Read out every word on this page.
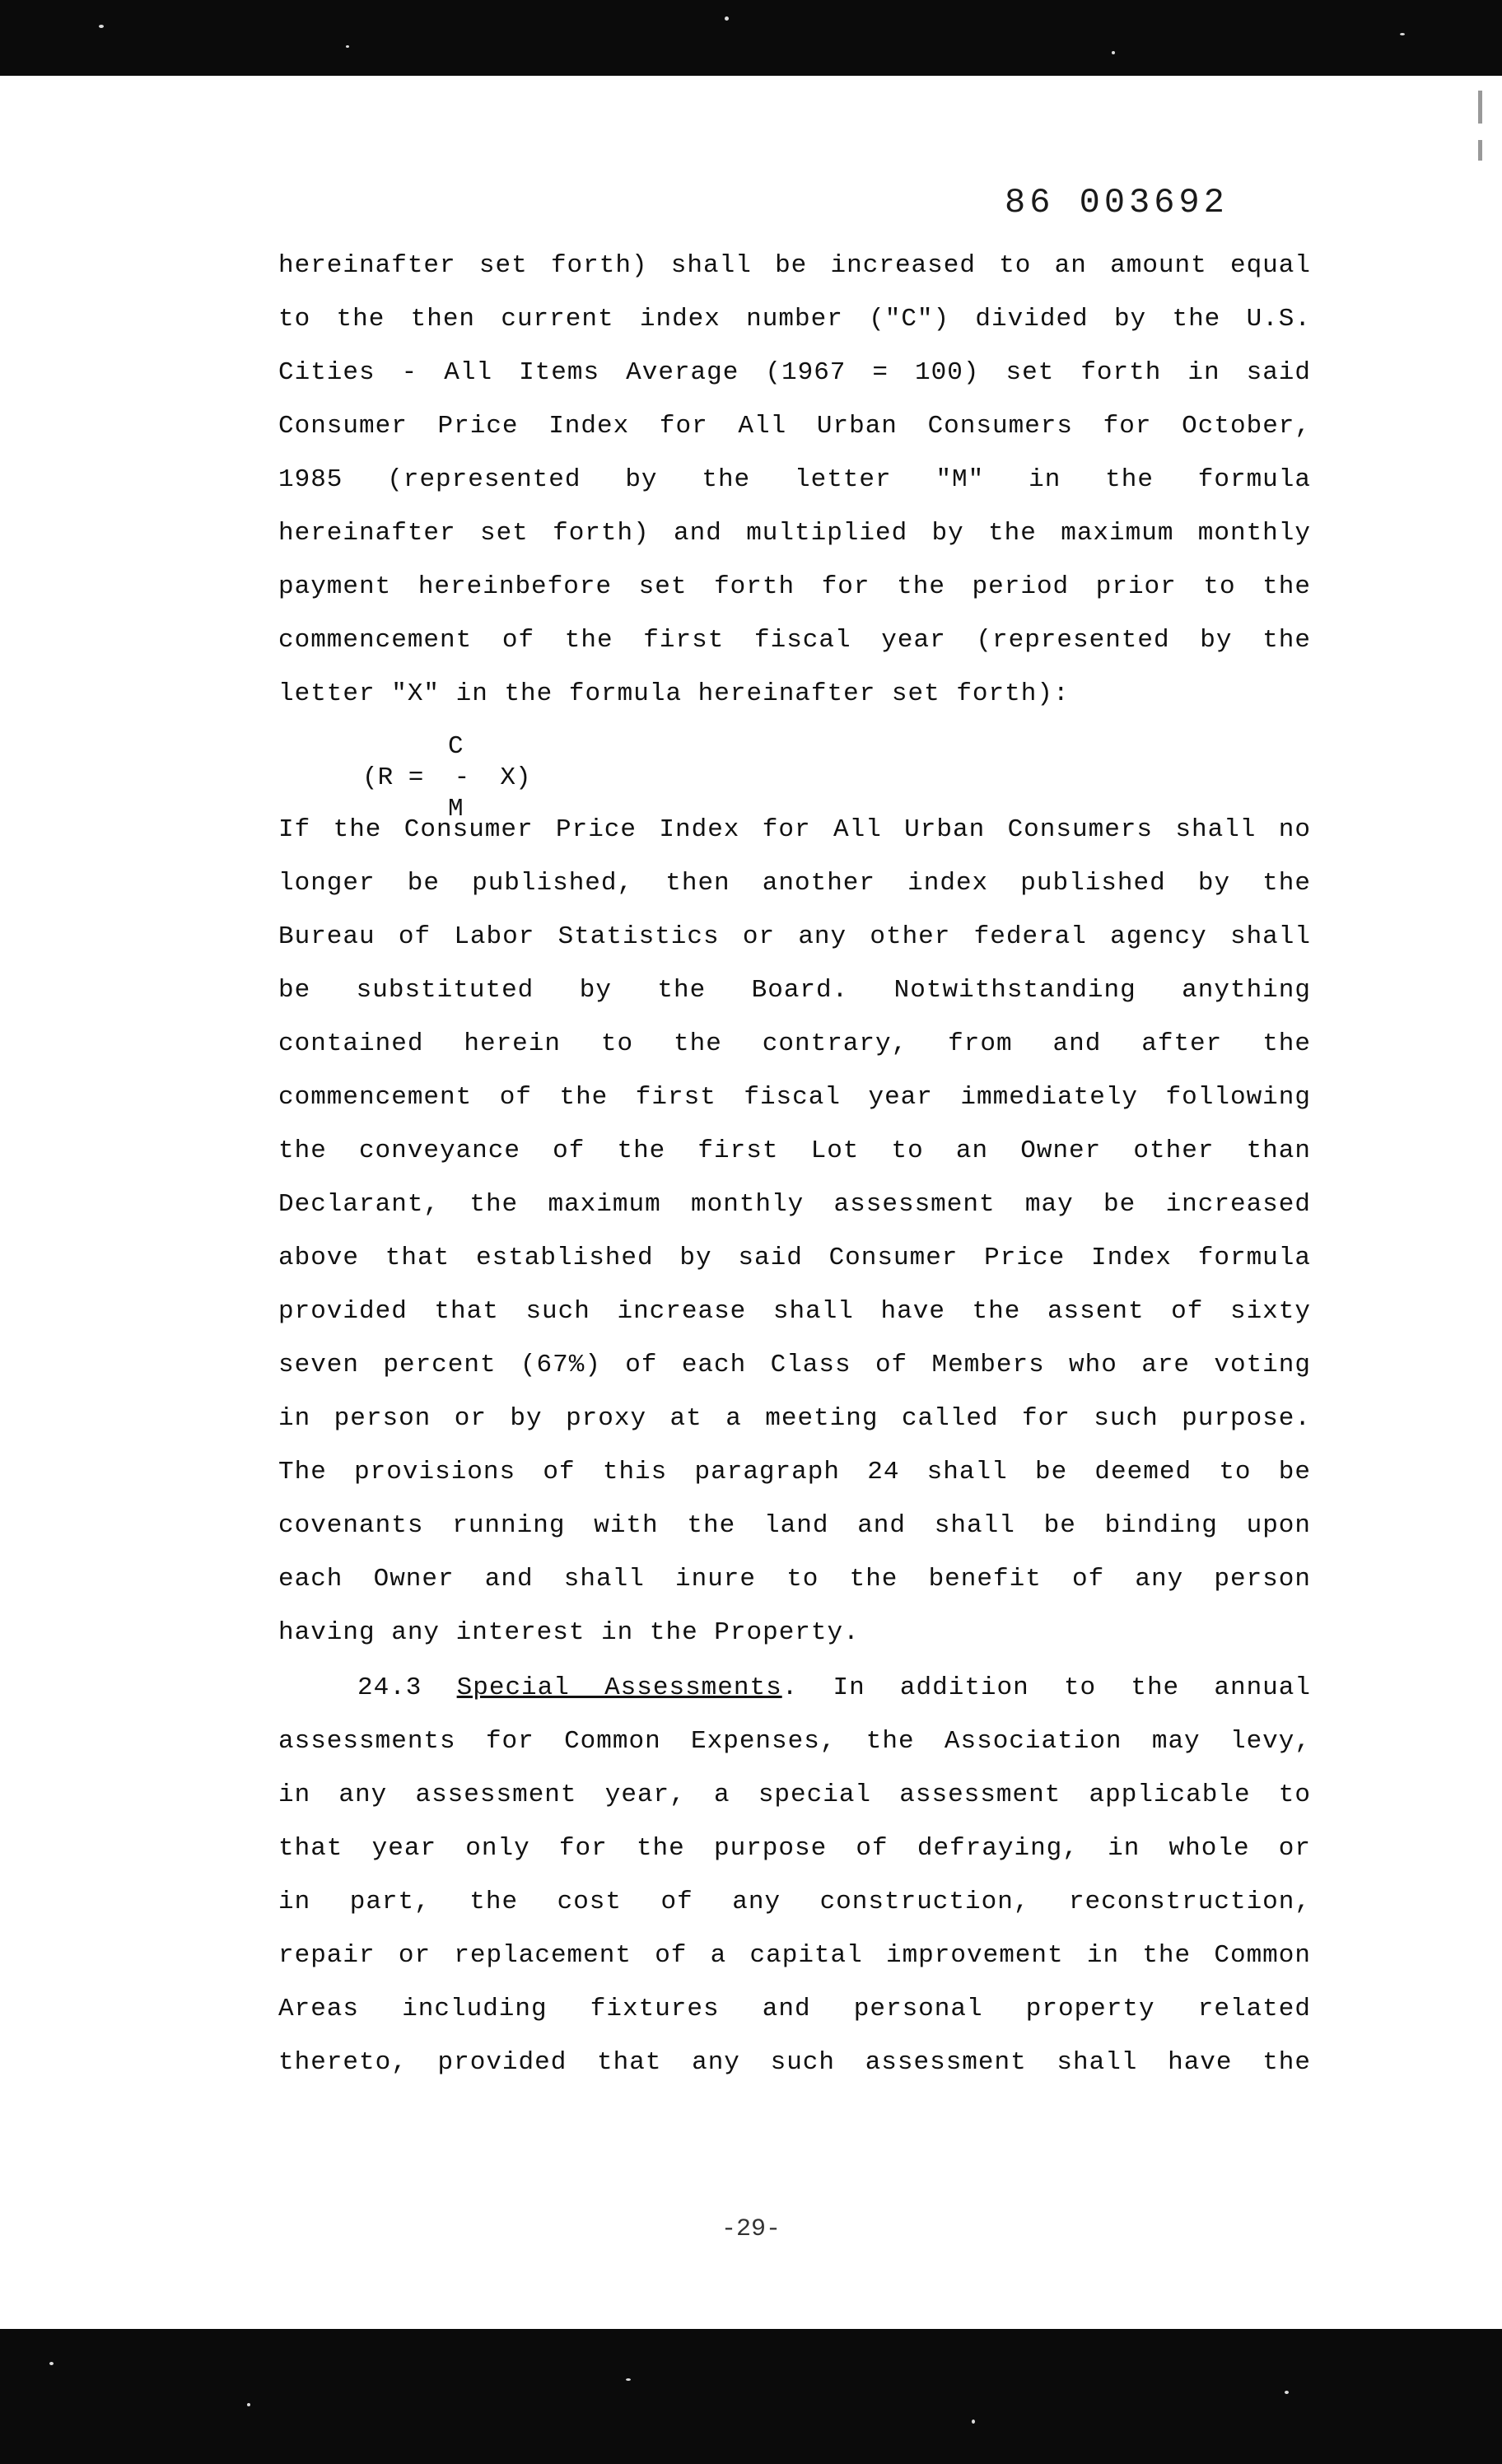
86 003692
hereinafter set forth) shall be increased to an amount equal
to the then current index number ("C") divided by the U.S.
Cities - All Items Average (1967 = 100) set forth in said
Consumer Price Index for All Urban Consumers for October,
1985 (represented by the letter "M" in the formula
hereinafter set forth) and multiplied by the maximum monthly
payment hereinbefore set forth for the period prior to the
commencement of the first fiscal year (represented by the
letter "X" in the formula hereinafter set forth):
C
(R =  -  X)
M
If the Consumer Price Index for All Urban Consumers shall no
longer be published, then another index published by the
Bureau of Labor Statistics or any other federal agency shall
be substituted by the Board. Notwithstanding anything
contained herein to the contrary, from and after the
commencement of the first fiscal year immediately following
the conveyance of the first Lot to an Owner other than
Declarant, the maximum monthly assessment may be increased
above that established by said Consumer Price Index formula
provided that such increase shall have the assent of sixty
seven percent (67%) of each Class of Members who are voting
in person or by proxy at a meeting called for such purpose.
The provisions of this paragraph 24 shall be deemed to be
covenants running with the land and shall be binding upon
each Owner and shall inure to the benefit of any person
having any interest in the Property.
24.3 Special Assessments. In addition to the annual
assessments for Common Expenses, the Association may levy,
in any assessment year, a special assessment applicable to
that year only for the purpose of defraying, in whole or
in part, the cost of any construction, reconstruction,
repair or replacement of a capital improvement in the Common
Areas including fixtures and personal property related
thereto, provided that any such assessment shall have the
-29-
